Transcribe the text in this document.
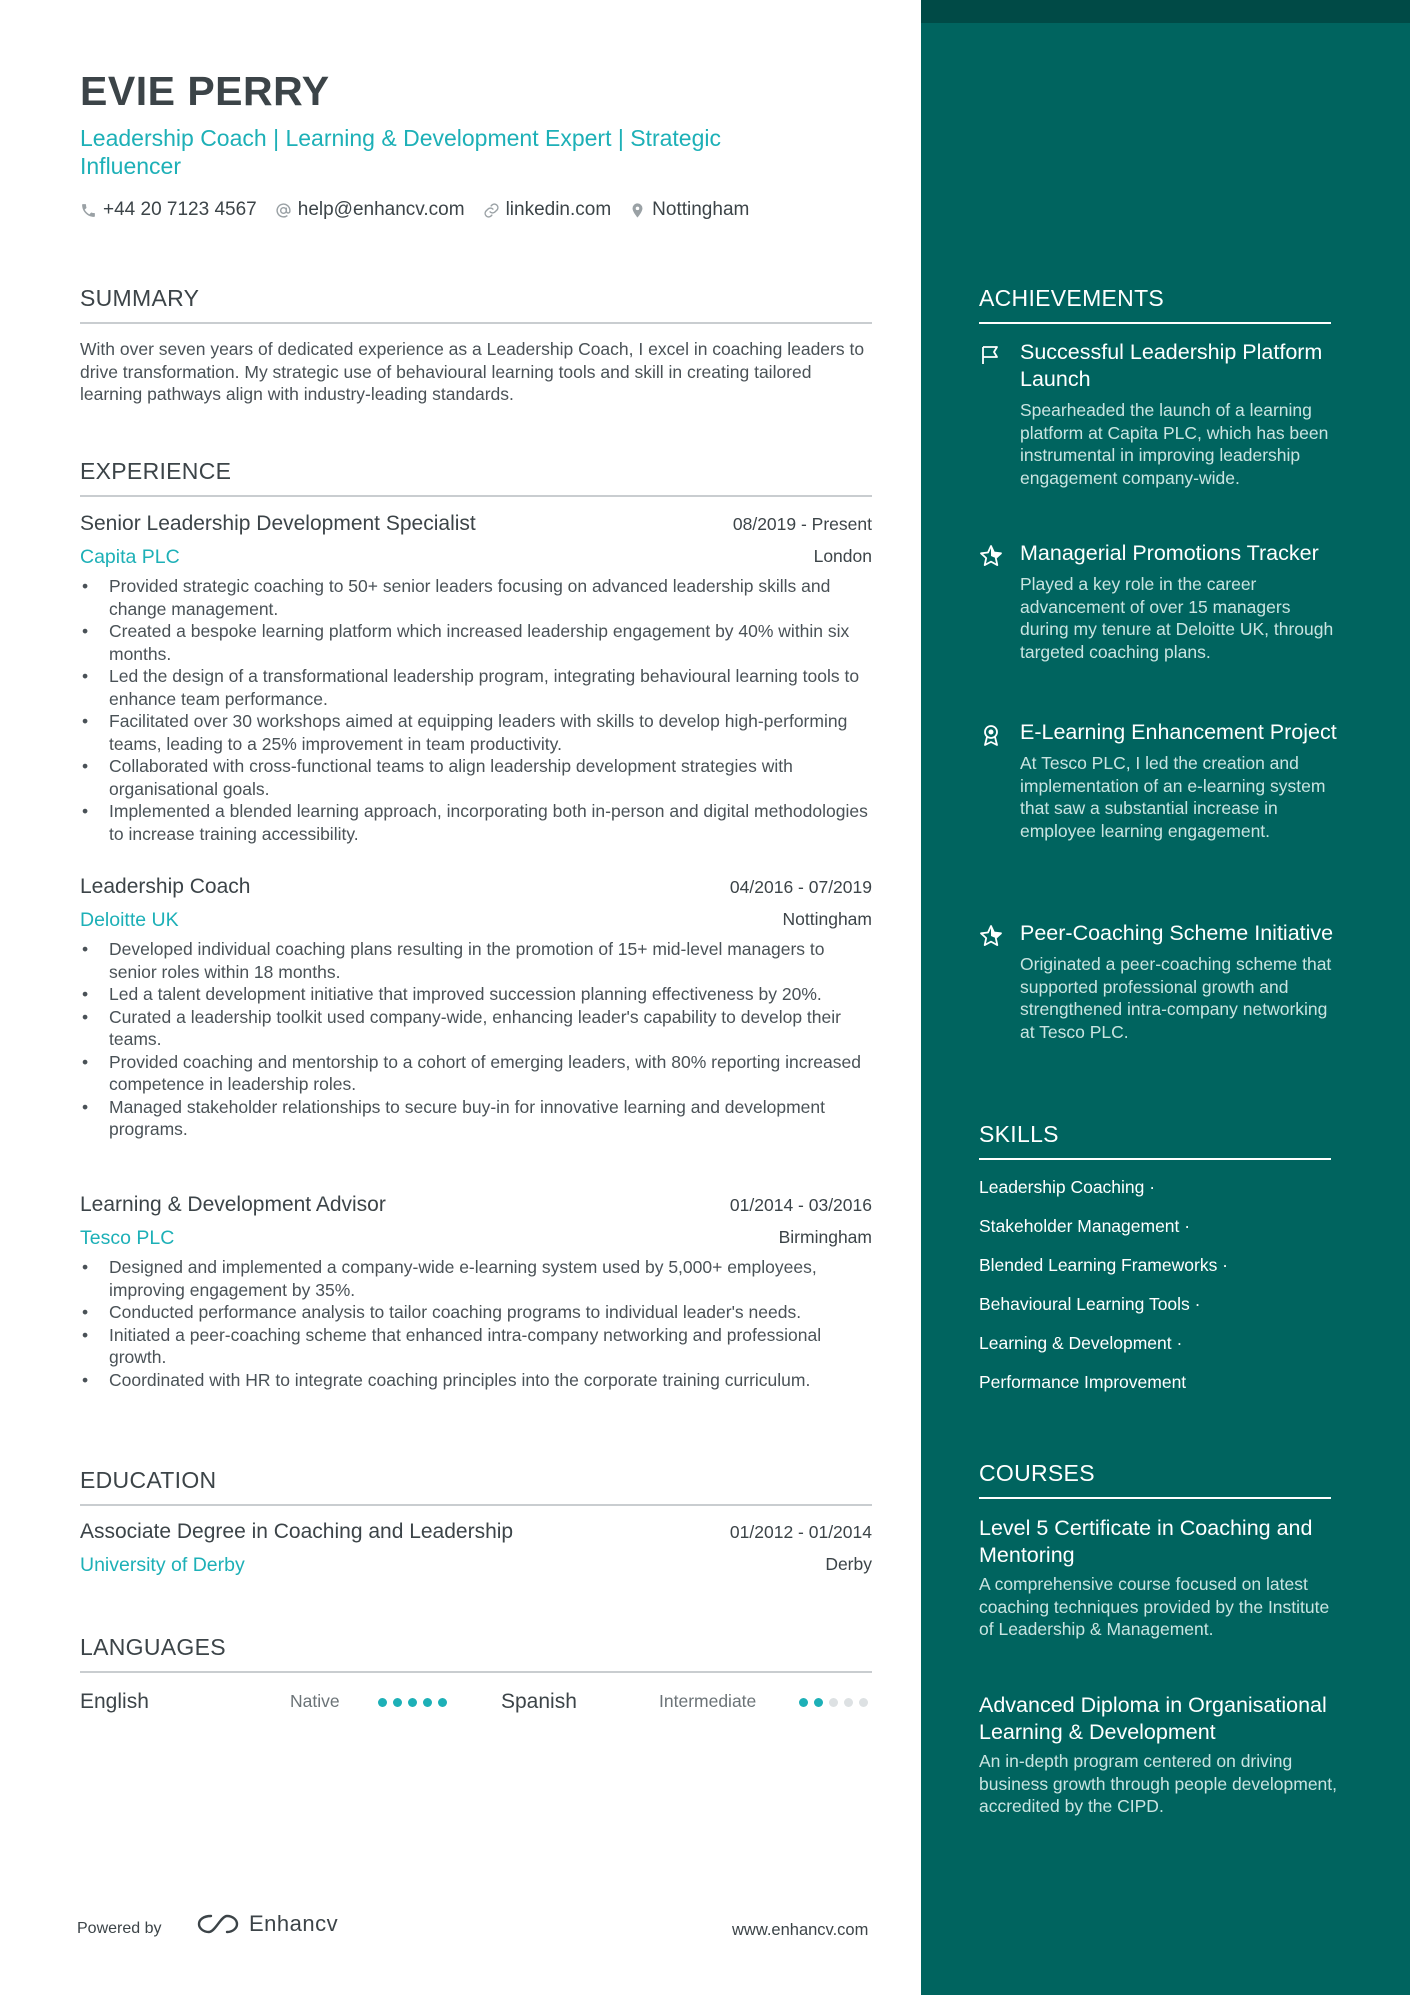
EVIE PERRY
Leadership Coach | Learning & Development Expert | Strategic Influencer
+44 20 7123 4567 help@enhancv.com linkedin.com Nottingham
SUMMARY
With over seven years of dedicated experience as a Leadership Coach, I excel in coaching leaders to drive transformation. My strategic use of behavioural learning tools and skill in creating tailored learning pathways align with industry-leading standards.
EXPERIENCE
Senior Leadership Development Specialist	08/2019 - Present
Capita PLC	London
• Provided strategic coaching to 50+ senior leaders focusing on advanced leadership skills and change management.
• Created a bespoke learning platform which increased leadership engagement by 40% within six months.
• Led the design of a transformational leadership program, integrating behavioural learning tools to enhance team performance.
• Facilitated over 30 workshops aimed at equipping leaders with skills to develop high-performing teams, leading to a 25% improvement in team productivity.
• Collaborated with cross-functional teams to align leadership development strategies with organisational goals.
• Implemented a blended learning approach, incorporating both in-person and digital methodologies to increase training accessibility.
Leadership Coach	04/2016 - 07/2019
Deloitte UK	Nottingham
• Developed individual coaching plans resulting in the promotion of 15+ mid-level managers to senior roles within 18 months.
• Led a talent development initiative that improved succession planning effectiveness by 20%.
• Curated a leadership toolkit used company-wide, enhancing leader's capability to develop their teams.
• Provided coaching and mentorship to a cohort of emerging leaders, with 80% reporting increased competence in leadership roles.
• Managed stakeholder relationships to secure buy-in for innovative learning and development programs.
Learning & Development Advisor	01/2014 - 03/2016
Tesco PLC	Birmingham
• Designed and implemented a company-wide e-learning system used by 5,000+ employees, improving engagement by 35%.
• Conducted performance analysis to tailor coaching programs to individual leader's needs.
• Initiated a peer-coaching scheme that enhanced intra-company networking and professional growth.
• Coordinated with HR to integrate coaching principles into the corporate training curriculum.
EDUCATION
Associate Degree in Coaching and Leadership	01/2012 - 01/2014
University of Derby	Derby
LANGUAGES
English	Native	Spanish	Intermediate
Powered by	Enhancv	www.enhancv.com
ACHIEVEMENTS
Successful Leadership Platform Launch
Spearheaded the launch of a learning platform at Capita PLC, which has been instrumental in improving leadership engagement company-wide.
Managerial Promotions Tracker
Played a key role in the career advancement of over 15 managers during my tenure at Deloitte UK, through targeted coaching plans.
E-Learning Enhancement Project
At Tesco PLC, I led the creation and implementation of an e-learning system that saw a substantial increase in employee learning engagement.
Peer-Coaching Scheme Initiative
Originated a peer-coaching scheme that supported professional growth and strengthened intra-company networking at Tesco PLC.
SKILLS
Leadership Coaching ·
Stakeholder Management ·
Blended Learning Frameworks ·
Behavioural Learning Tools ·
Learning & Development ·
Performance Improvement
COURSES
Level 5 Certificate in Coaching and Mentoring
A comprehensive course focused on latest coaching techniques provided by the Institute of Leadership & Management.
Advanced Diploma in Organisational Learning & Development
An in-depth program centered on driving business growth through people development, accredited by the CIPD.
